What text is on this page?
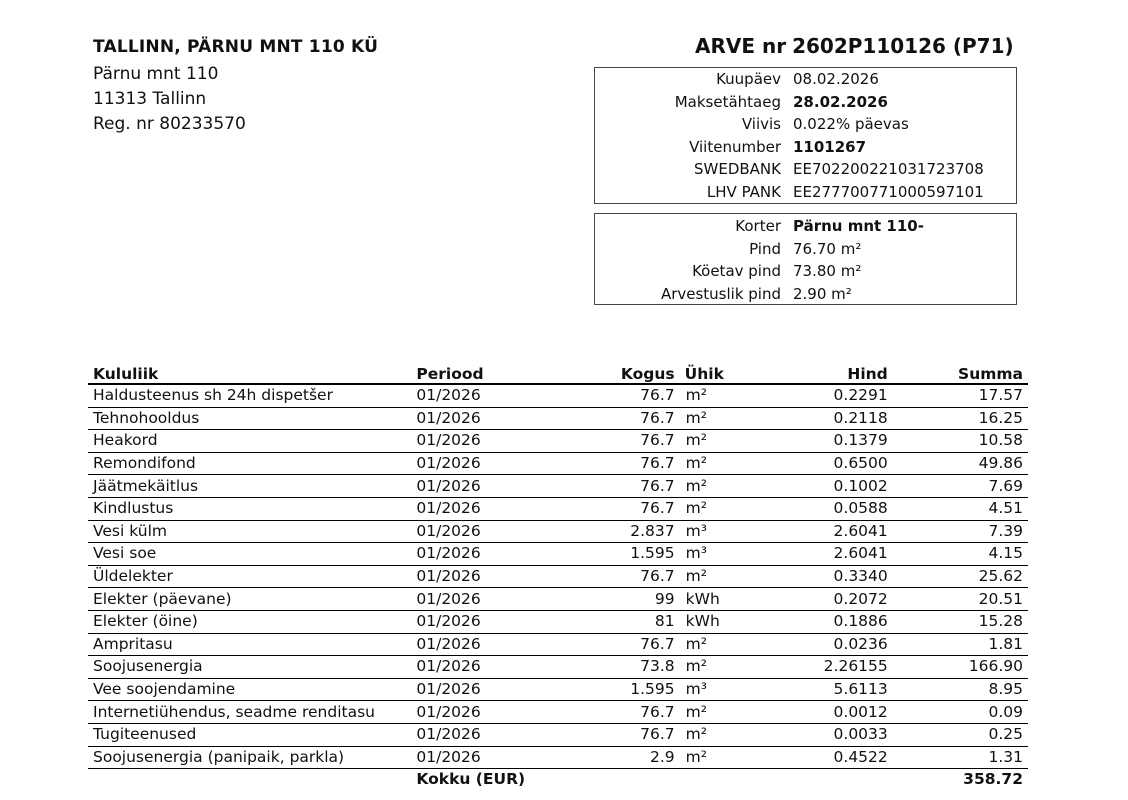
TALLINN, PÄRNU MNT 110 KÜ
Pärnu mnt 110
11313 Tallinn
Reg. nr 80233570
ARVE nr 2602P110126 (P71)
Kululiik	Periood	Kogus	Ühik	Hind	Summa
Haldusteenus sh 24h dispetšer	01/2026	76.7	m²	0.2291	17.57
Tehnohooldus	01/2026	76.7	m²	0.2118	16.25
Heakord	01/2026	76.7	m²	0.1379	10.58
Remondifond	01/2026	76.7	m²	0.6500	49.86
Jäätmekäitlus	01/2026	76.7	m²	0.1002	7.69
Kindlustus	01/2026	76.7	m²	0.0588	4.51
Vesi külm	01/2026	2.837	m³	2.6041	7.39
Vesi soe	01/2026	1.595	m³	2.6041	4.15
Üldelekter	01/2026	76.7	m²	0.3340	25.62
Elekter (päevane)	01/2026	99	kWh	0.2072	20.51
Elekter (öine)	01/2026	81	kWh	0.1886	15.28
Ampritasu	01/2026	76.7	m²	0.0236	1.81
Soojusenergia	01/2026	73.8	m²	2.26155	166.90
Vee soojendamine	01/2026	1.595	m³	5.6113	8.95
Internetiühendus, seadme renditasu	01/2026	76.7	m²	0.0012	0.09
Tugiteenused	01/2026	76.7	m²	0.0033	0.25
Soojusenergia (panipaik, parkla)	01/2026	2.9	m²	0.4522	1.31
	Kokku (EUR)				358.72
Kuupäev 08.02.2026
Maksetähtaeg 28.02.2026
Viivis 0.022% päevas
Viitenumber 1101267
SWEDBANK EE702200221031723708
LHV PANK EE277700771000597101
Korter Pärnu mnt 110-
Pind 76.70 m²
Köetav pind 73.80 m²
Arvestuslik pind 2.90 m²
